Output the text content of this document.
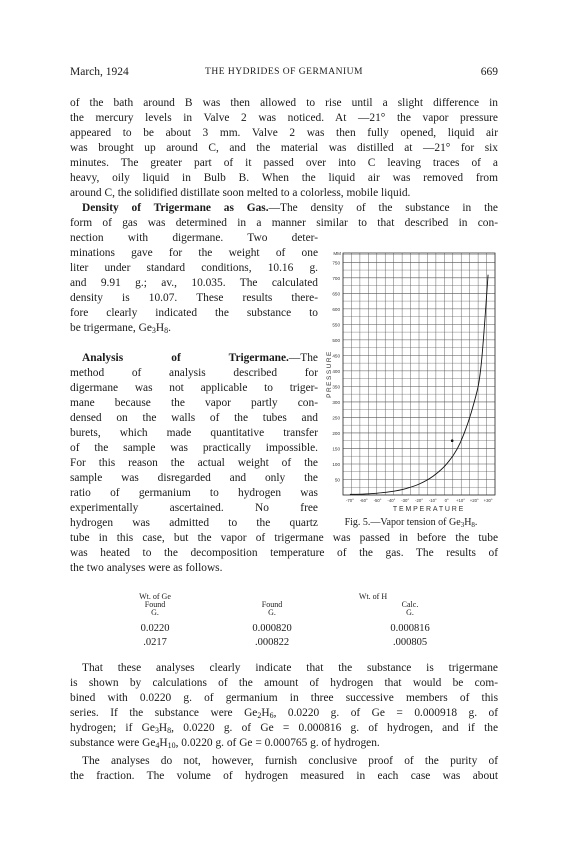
March, 1924	THE HYDRIDES OF GERMANIUM	669
of the bath around B was then allowed to rise until a slight difference in
the mercury levels in Valve 2 was noticed. At —21° the vapor pressure
appeared to be about 3 mm. Valve 2 was then fully opened, liquid air
was brought up around C, and the material was distilled at —21° for six
minutes. The greater part of it passed over into C leaving traces of a
heavy, oily liquid in Bulb B. When the liquid air was removed from
around C, the solidified distillate soon melted to a colorless, mobile liquid.
Density of Trigermane as Gas.—The density of the substance in the
form of gas was determined in a manner similar to that described in con-
nection with digermane. Two deter-
minations gave for the weight of one
liter under standard conditions, 10.16 g.
and 9.91 g.; av., 10.035. The calculated
density is 10.07. These results there-
fore clearly indicated the substance to
be trigermane, $Ge_3H_8$.
Analysis of Trigermane.—The
method of analysis described for
digermane was not applicable to triger-
mane because the vapor partly con-
densed on the walls of the tubes and
burets, which made quantitative transfer
of the sample was practically impossible.
For this reason the actual weight of the
sample was disregarded and only the
ratio of germanium to hydrogen was
experimentally ascertained. No free
hydrogen was admitted to the quartz
50
100
150
200
250
300
350
400
450
500
550
600
650
700
750
MM
PRESSURE
-70° -60° -50° -40° -30° -20° -10° 0° +10° +20° +30°
TEMPERATURE
Fig. 5.—Vapor tension of $Ge_3H_8$.
tube in this case, but the vapor of trigermane was passed in before the tube
was heated to the decomposition temperature of the gas. The results of
the two analyses were as follows.
Wt. of Ge
Found
G.
Wt. of H
Found
G.
Calc.
G.
0.0220
.0217
0.000820
.000822
0.000816
.000805
That these analyses clearly indicate that the substance is trigermane
is shown by calculations of the amount of hydrogen that would be com-
bined with 0.0220 g. of germanium in three successive members of this
series. If the substance were $Ge_2H_6$, 0.0220 g. of Ge = 0.000918 g. of
hydrogen; if $Ge_3H_8$, 0.0220 g. of Ge = 0.000816 g. of hydrogen, and if the
substance were $Ge_4H_{10}$, 0.0220 g. of Ge = 0.000765 g. of hydrogen.
The analyses do not, however, furnish conclusive proof of the purity of
the fraction. The volume of hydrogen measured in each case was about
